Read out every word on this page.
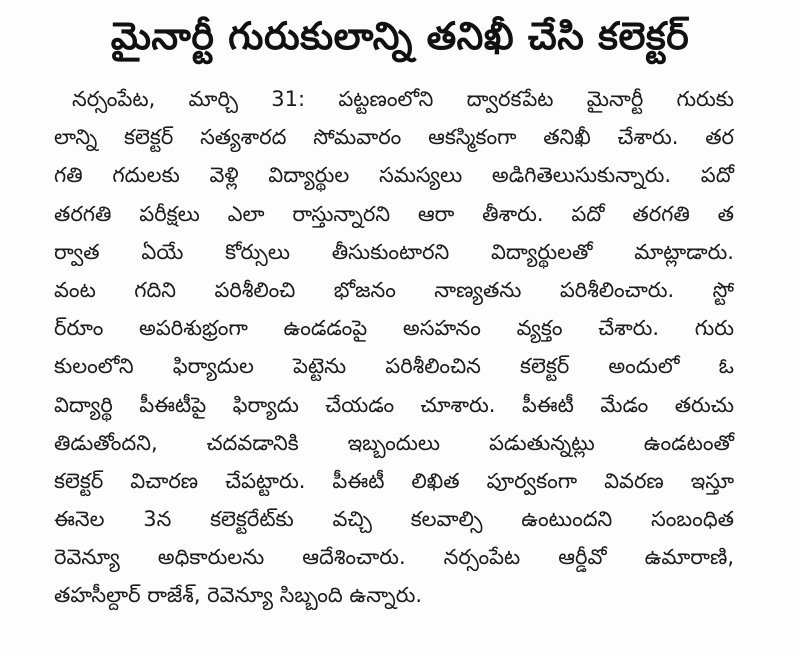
మైనార్టీ గురుకులాన్ని తనిఖీ చేసి కలెక్టర్
నర్సంపేట, మార్చి 31: పట్టణంలోని ద్వారకపేట మైనార్టీ గురుకు
లాన్ని కలెక్టర్ సత్యశారద సోమవారం ఆకస్మికంగా తనిఖీ చేశారు. తర
గతి గదులకు వెళ్లి విద్యార్థుల సమస్యలు అడిగితెలుసుకున్నారు. పదో
తరగతి పరీక్షలు ఎలా రాస్తున్నారని ఆరా తీశారు. పదో తరగతి త
ర్వాత ఏయే కోర్సులు తీసుకుంటారని విద్యార్థులతో మాట్లాడారు.
వంట గదిని పరిశీలించి భోజనం నాణ్యతను పరిశీలించారు. స్టో
ర్‌రూం అపరిశుభ్రంగా ఉండడంపై అసహనం వ్యక్తం చేశారు. గురు
కులంలోని ఫిర్యాదుల పెట్టెను పరిశీలించిన కలెక్టర్ అందులో ఓ
విద్యార్థి పీఈటీపై ఫిర్యాదు చేయడం చూశారు. పీఈటీ మేడం తరుచు
తిడుతోందని, చదవడానికి ఇబ్బందులు పడుతున్నట్లు ఉండటంతో
కలెక్టర్ విచారణ చేపట్టారు. పీఈటీ లిఖిత పూర్వకంగా వివరణ ఇస్తూ
ఈనెల 3న కలెక్టరేట్‌కు వచ్చి కలవాల్సి ఉంటుందని సంబంధిత
రెవెన్యూ అధికారులను ఆదేశించారు. నర్సంపేట ఆర్డీవో ఉమారాణి,
తహసీల్దార్ రాజేశ్, రెవెన్యూ సిబ్బంది ఉన్నారు.
